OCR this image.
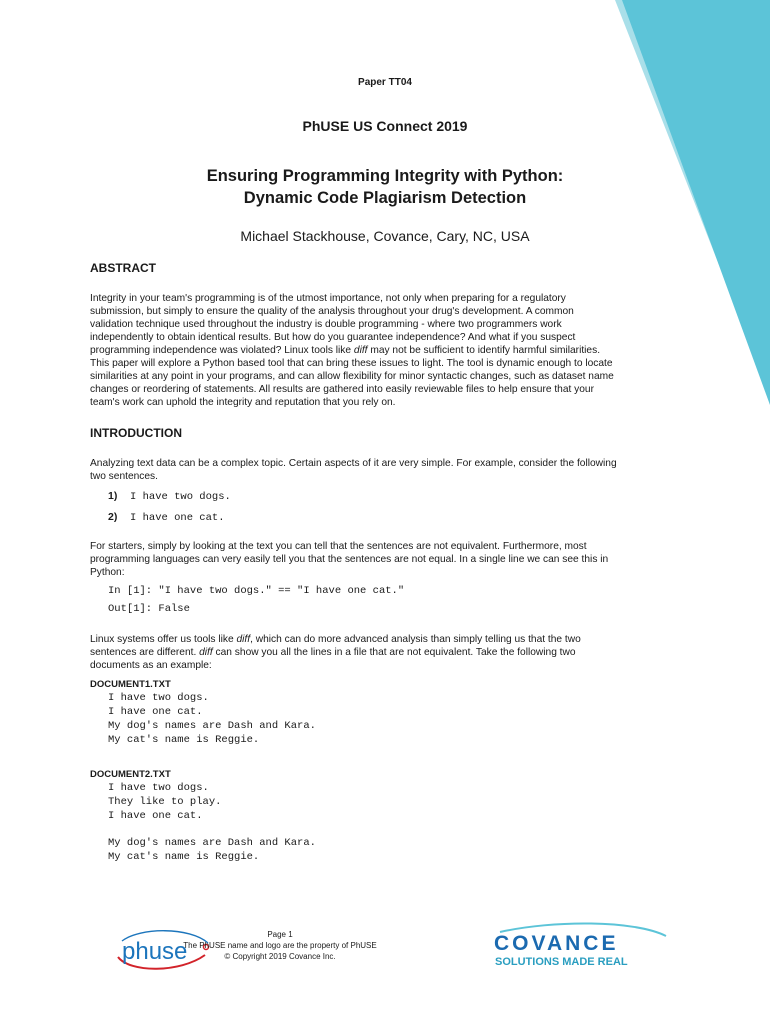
Paper TT04
PhUSE US Connect 2019
Ensuring Programming Integrity with Python:
Dynamic Code Plagiarism Detection
Michael Stackhouse, Covance, Cary, NC, USA
ABSTRACT
Integrity in your team's programming is of the utmost importance, not only when preparing for a regulatory
submission, but simply to ensure the quality of the analysis throughout your drug's development. A common
validation technique used throughout the industry is double programming - where two programmers work
independently to obtain identical results. But how do you guarantee independence? And what if you suspect
programming independence was violated? Linux tools like diff may not be sufficient to identify harmful similarities.
This paper will explore a Python based tool that can bring these issues to light. The tool is dynamic enough to locate
similarities at any point in your programs, and can allow flexibility for minor syntactic changes, such as dataset name
changes or reordering of statements. All results are gathered into easily reviewable files to help ensure that your
team's work can uphold the integrity and reputation that you rely on.
INTRODUCTION
Analyzing text data can be a complex topic. Certain aspects of it are very simple. For example, consider the following
two sentences.
1) I have two dogs.
2) I have one cat.
For starters, simply by looking at the text you can tell that the sentences are not equivalent. Furthermore, most
programming languages can very easily tell you that the sentences are not equal. In a single line we can see this in
Python:
In [1]: "I have two dogs." == "I have one cat."
Out[1]: False
Linux systems offer us tools like diff, which can do more advanced analysis than simply telling us that the two
sentences are different. diff can show you all the lines in a file that are not equivalent. Take the following two
documents as an example:
DOCUMENT1.TXT
I have two dogs.
I have one cat.
My dog's names are Dash and Kara.
My cat's name is Reggie.
DOCUMENT2.TXT
I have two dogs.
They like to play.
I have one cat.
My dog's names are Dash and Kara.
My cat's name is Reggie.
phuse
Page 1
The PhUSE name and logo are the property of PhUSE
© Copyright 2019 Covance Inc.
COVANCE
SOLUTIONS MADE REAL
